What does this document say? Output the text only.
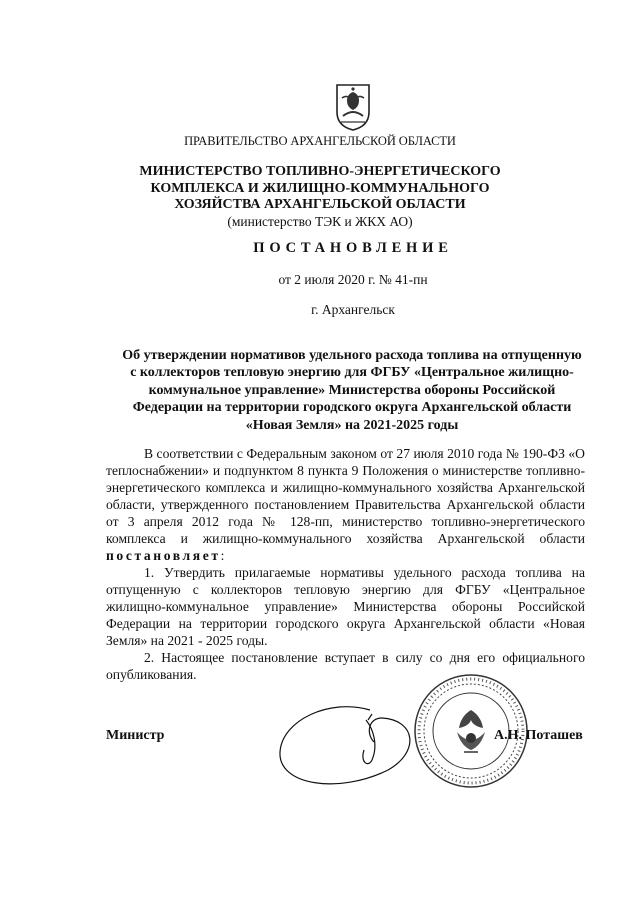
ПРАВИТЕЛЬСТВО АРХАНГЕЛЬСКОЙ ОБЛАСТИ
МИНИСТЕРСТВО ТОПЛИВНО-ЭНЕРГЕТИЧЕСКОГО
КОМПЛЕКСА И ЖИЛИЩНО-КОММУНАЛЬНОГО
ХОЗЯЙСТВА АРХАНГЕЛЬСКОЙ ОБЛАСТИ
(министерство ТЭК и ЖКХ АО)
ПОСТАНОВЛЕНИЕ
от 2 июля 2020 г. № 41-пн
г. Архангельск
Об утверждении нормативов удельного расхода топлива на отпущенную
с коллекторов тепловую энергию для ФГБУ «Центральное жилищно-
коммунальное управление» Министерства обороны Российской
Федерации на территории городского округа Архангельской области
«Новая Земля» на 2021-2025 годы

В соответствии с Федеральным законом от 27 июля 2010 года № 190-ФЗ «О теплоснабжении» и подпунктом 8 пункта 9 Положения о министерстве топливно-энергетического комплекса и жилищно-коммунального хозяйства Архангельской области, утвержденного постановлением Правительства Архангельской области от 3 апреля 2012 года № 128-пп, министерство топливно-энергетического комплекса и жилищно-коммунального хозяйства Архангельской области постановляет:

1. Утвердить прилагаемые нормативы удельного расхода топлива на отпущенную с коллекторов тепловую энергию для ФГБУ «Центральное жилищно-коммунальное управление» Министерства обороны Российской Федерации на территории городского округа Архангельской области «Новая Земля» на 2021 - 2025 годы.

2. Настоящее постановление вступает в силу со дня его официального опубликования.

Министр	А.Н. Поташев
